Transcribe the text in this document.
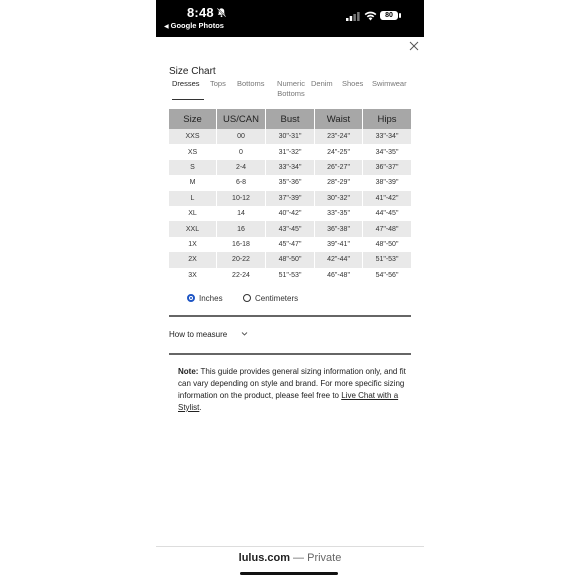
8:48
◀ Google Photos
80
Size Chart
Dresses Tops Bottoms	Numeric Bottoms
Denim Shoes Swimwear
Size	US/CAN	Bust	Waist	Hips
XXS	00	30"-31"	23"-24"	33"-34"
XS	0	31"-32"	24"-25"	34"-35"
S	2-4	33"-34"	26"-27"	36"-37"
M	6-8	35"-36"	28"-29"	38"-39"
L	10-12	37"-39"	30"-32"	41"-42"
XL	14	40"-42"	33"-35"	44"-45"
XXL	16	43"-45"	36"-38"	47"-48"
1X	16-18	45"-47"	39"-41"	48"-50"
2X	20-22	48"-50"	42"-44"	51"-53"
3X	22-24	51"-53"	46"-48"	54"-56"
Inches	Centimeters
How to measure
Note: This guide provides general sizing information only, and fit can vary depending on style and brand. For more specific sizing information on the product, please feel free to Live Chat with a Stylist.
lulus.com — Private
